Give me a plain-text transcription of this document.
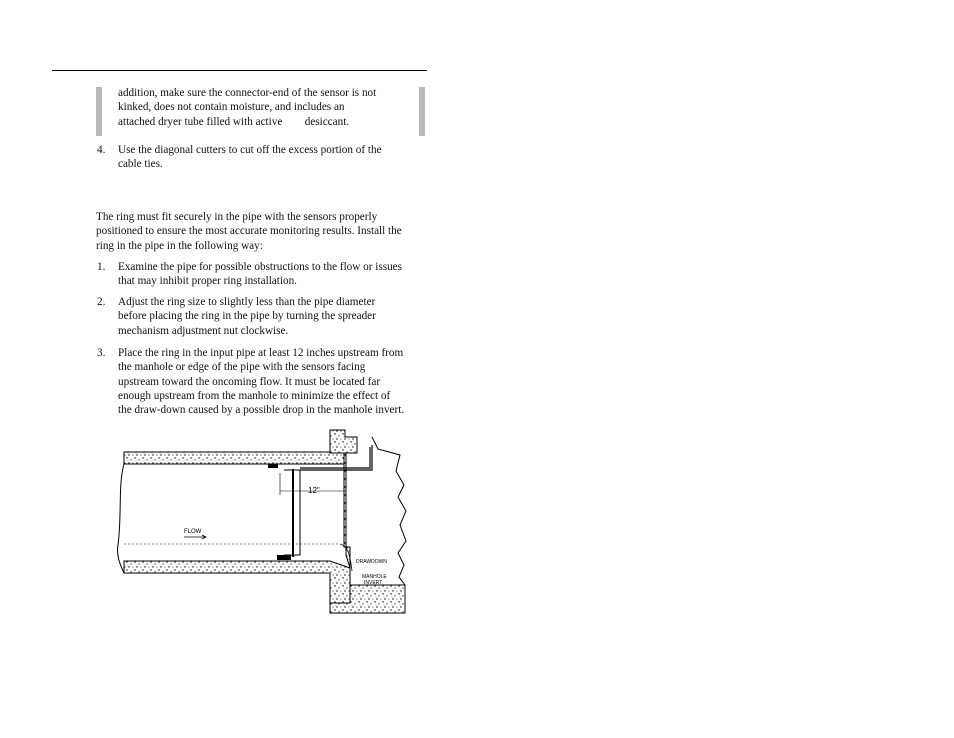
addition, make sure the connector-end of the sensor is not

kinked, does not contain moisture, and includes an

attached dryer tube filled with active        desiccant.

4. Use the diagonal cutters to cut off the excess portion of the

cable ties.

The ring must fit securely in the pipe with the sensors properly

positioned to ensure the most accurate monitoring results. Install the

ring in the pipe in the following way:

1. Examine the pipe for possible obstructions to the flow or issues

that may inhibit proper ring installation.

2. Adjust the ring size to slightly less than the pipe diameter

before placing the ring in the pipe by turning the spreader

mechanism adjustment nut clockwise.

3. Place the ring in the input pipe at least 12 inches upstream from

the manhole or edge of the pipe with the sensors facing

upstream toward the oncoming flow. It must be located far

enough upstream from the manhole to minimize the effect of

the draw-down caused by a possible drop in the manhole invert.

12"
FLOW
DRAWDOWN
MANHOLE
INVERT
